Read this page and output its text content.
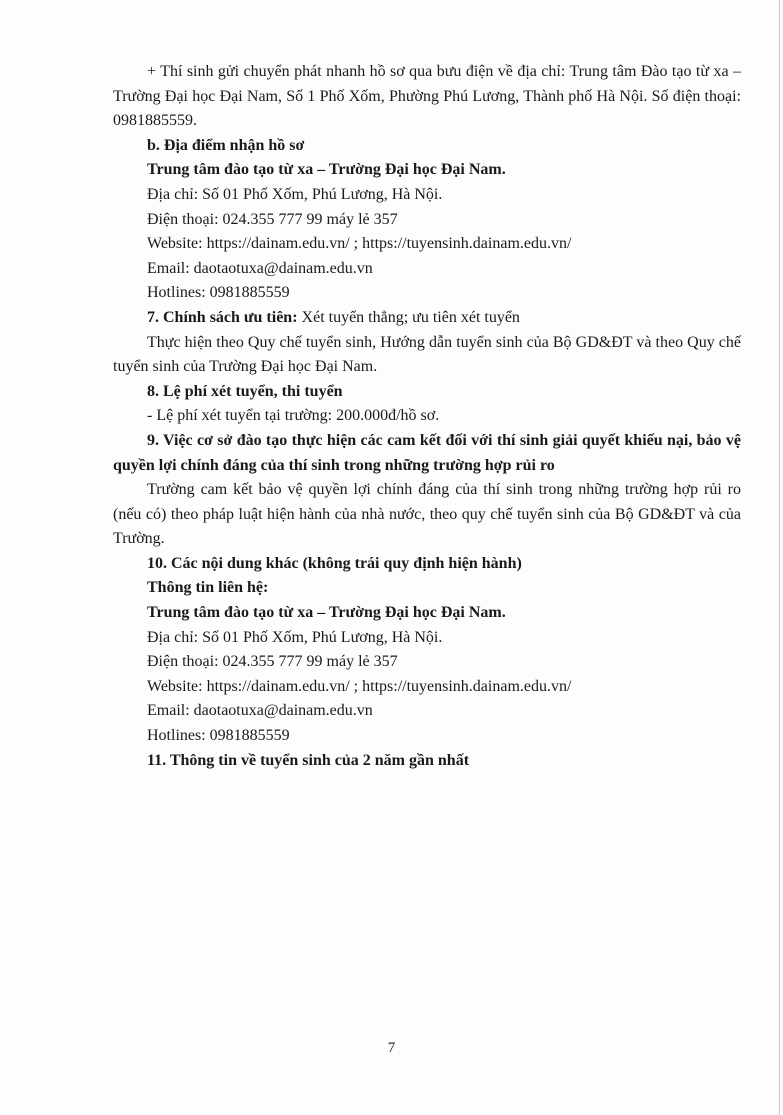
+ Thí sinh gửi chuyển phát nhanh hồ sơ qua bưu điện về địa chỉ: Trung tâm Đào tạo từ xa – Trường Đại học Đại Nam, Số 1 Phố Xốm, Phường Phú Lương, Thành phố Hà Nội. Số điện thoại: 0981885559.

b. Địa điểm nhận hồ sơ

Trung tâm đào tạo từ xa – Trường Đại học Đại Nam.

Địa chỉ: Số 01 Phố Xốm, Phú Lương, Hà Nội.

Điện thoại: 024.355 777 99 máy lẻ 357

Website: https://dainam.edu.vn/ ; https://tuyensinh.dainam.edu.vn/

Email: daotaotuxa@dainam.edu.vn

Hotlines: 0981885559

7. Chính sách ưu tiên: Xét tuyển thẳng; ưu tiên xét tuyển

Thực hiện theo Quy chế tuyển sinh, Hướng dẫn tuyển sinh của Bộ GD&ĐT và theo Quy chế tuyển sinh của Trường Đại học Đại Nam.

8. Lệ phí xét tuyển, thi tuyển

- Lệ phí xét tuyển tại trường: 200.000đ/hồ sơ.

9. Việc cơ sở đào tạo thực hiện các cam kết đối với thí sinh giải quyết khiếu nại, bảo vệ quyền lợi chính đáng của thí sinh trong những trường hợp rủi ro

Trường cam kết bảo vệ quyền lợi chính đáng của thí sinh trong những trường hợp rủi ro (nếu có) theo pháp luật hiện hành của nhà nước, theo quy chế tuyển sinh của Bộ GD&ĐT và của Trường.

10. Các nội dung khác (không trái quy định hiện hành)

Thông tin liên hệ:

Trung tâm đào tạo từ xa – Trường Đại học Đại Nam.

Địa chỉ: Số 01 Phố Xốm, Phú Lương, Hà Nội.

Điện thoại: 024.355 777 99 máy lẻ 357

Website: https://dainam.edu.vn/ ; https://tuyensinh.dainam.edu.vn/

Email: daotaotuxa@dainam.edu.vn

Hotlines: 0981885559

11. Thông tin về tuyển sinh của 2 năm gần nhất

7
